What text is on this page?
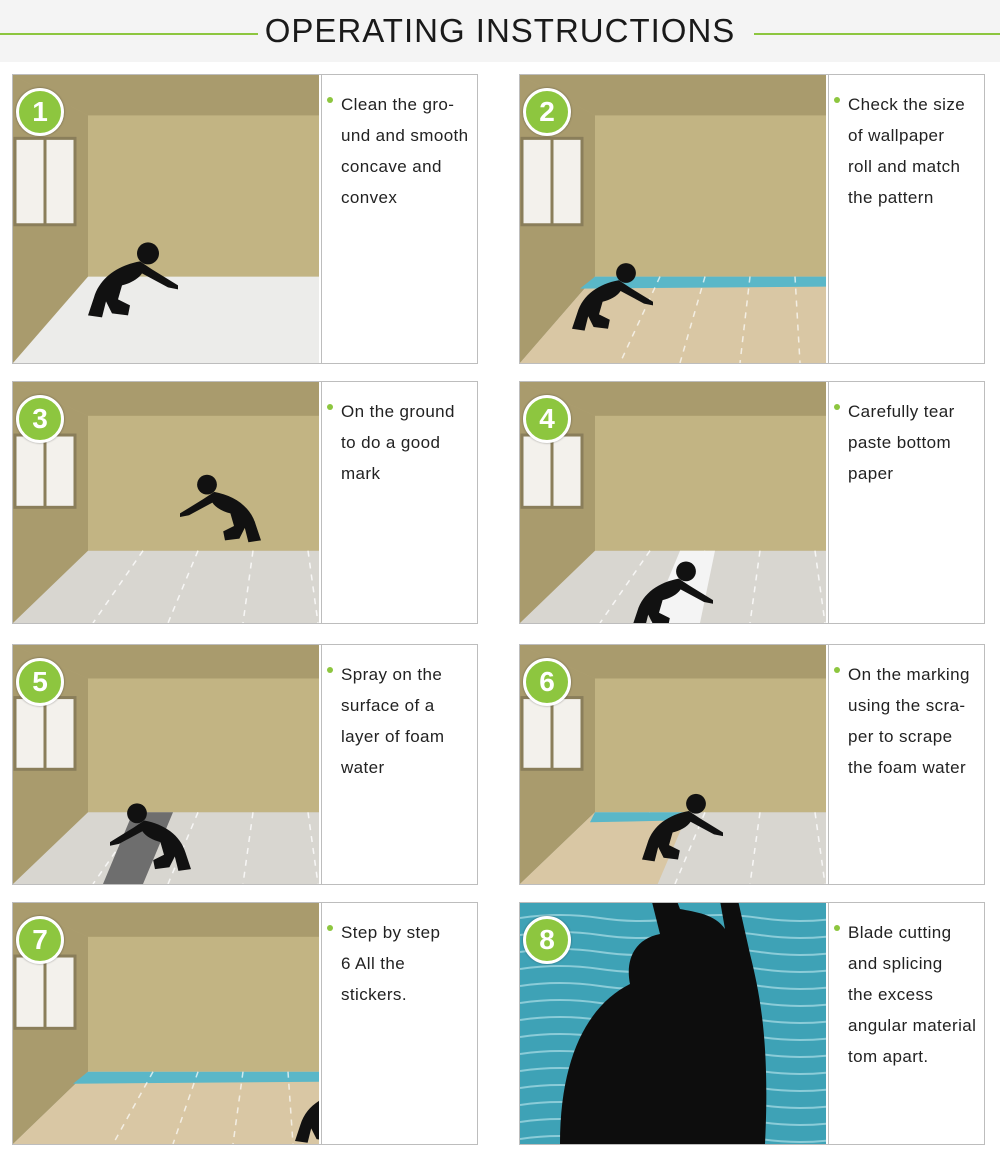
OPERATING INSTRUCTIONS
1	Clean the gro-
und and smooth
concave and
convex
2	Check the size
of wallpaper
roll and match
the pattern
3	On the ground
to do a good
mark
4	Carefully tear
paste bottom
paper
5	Spray on the
surface of a
layer of foam
water
6	On the marking
using the scra-
per to scrape
the foam water
7	Step by step
6 All the
stickers.
8	Blade cutting
and splicing
the excess
angular material
tom apart.
